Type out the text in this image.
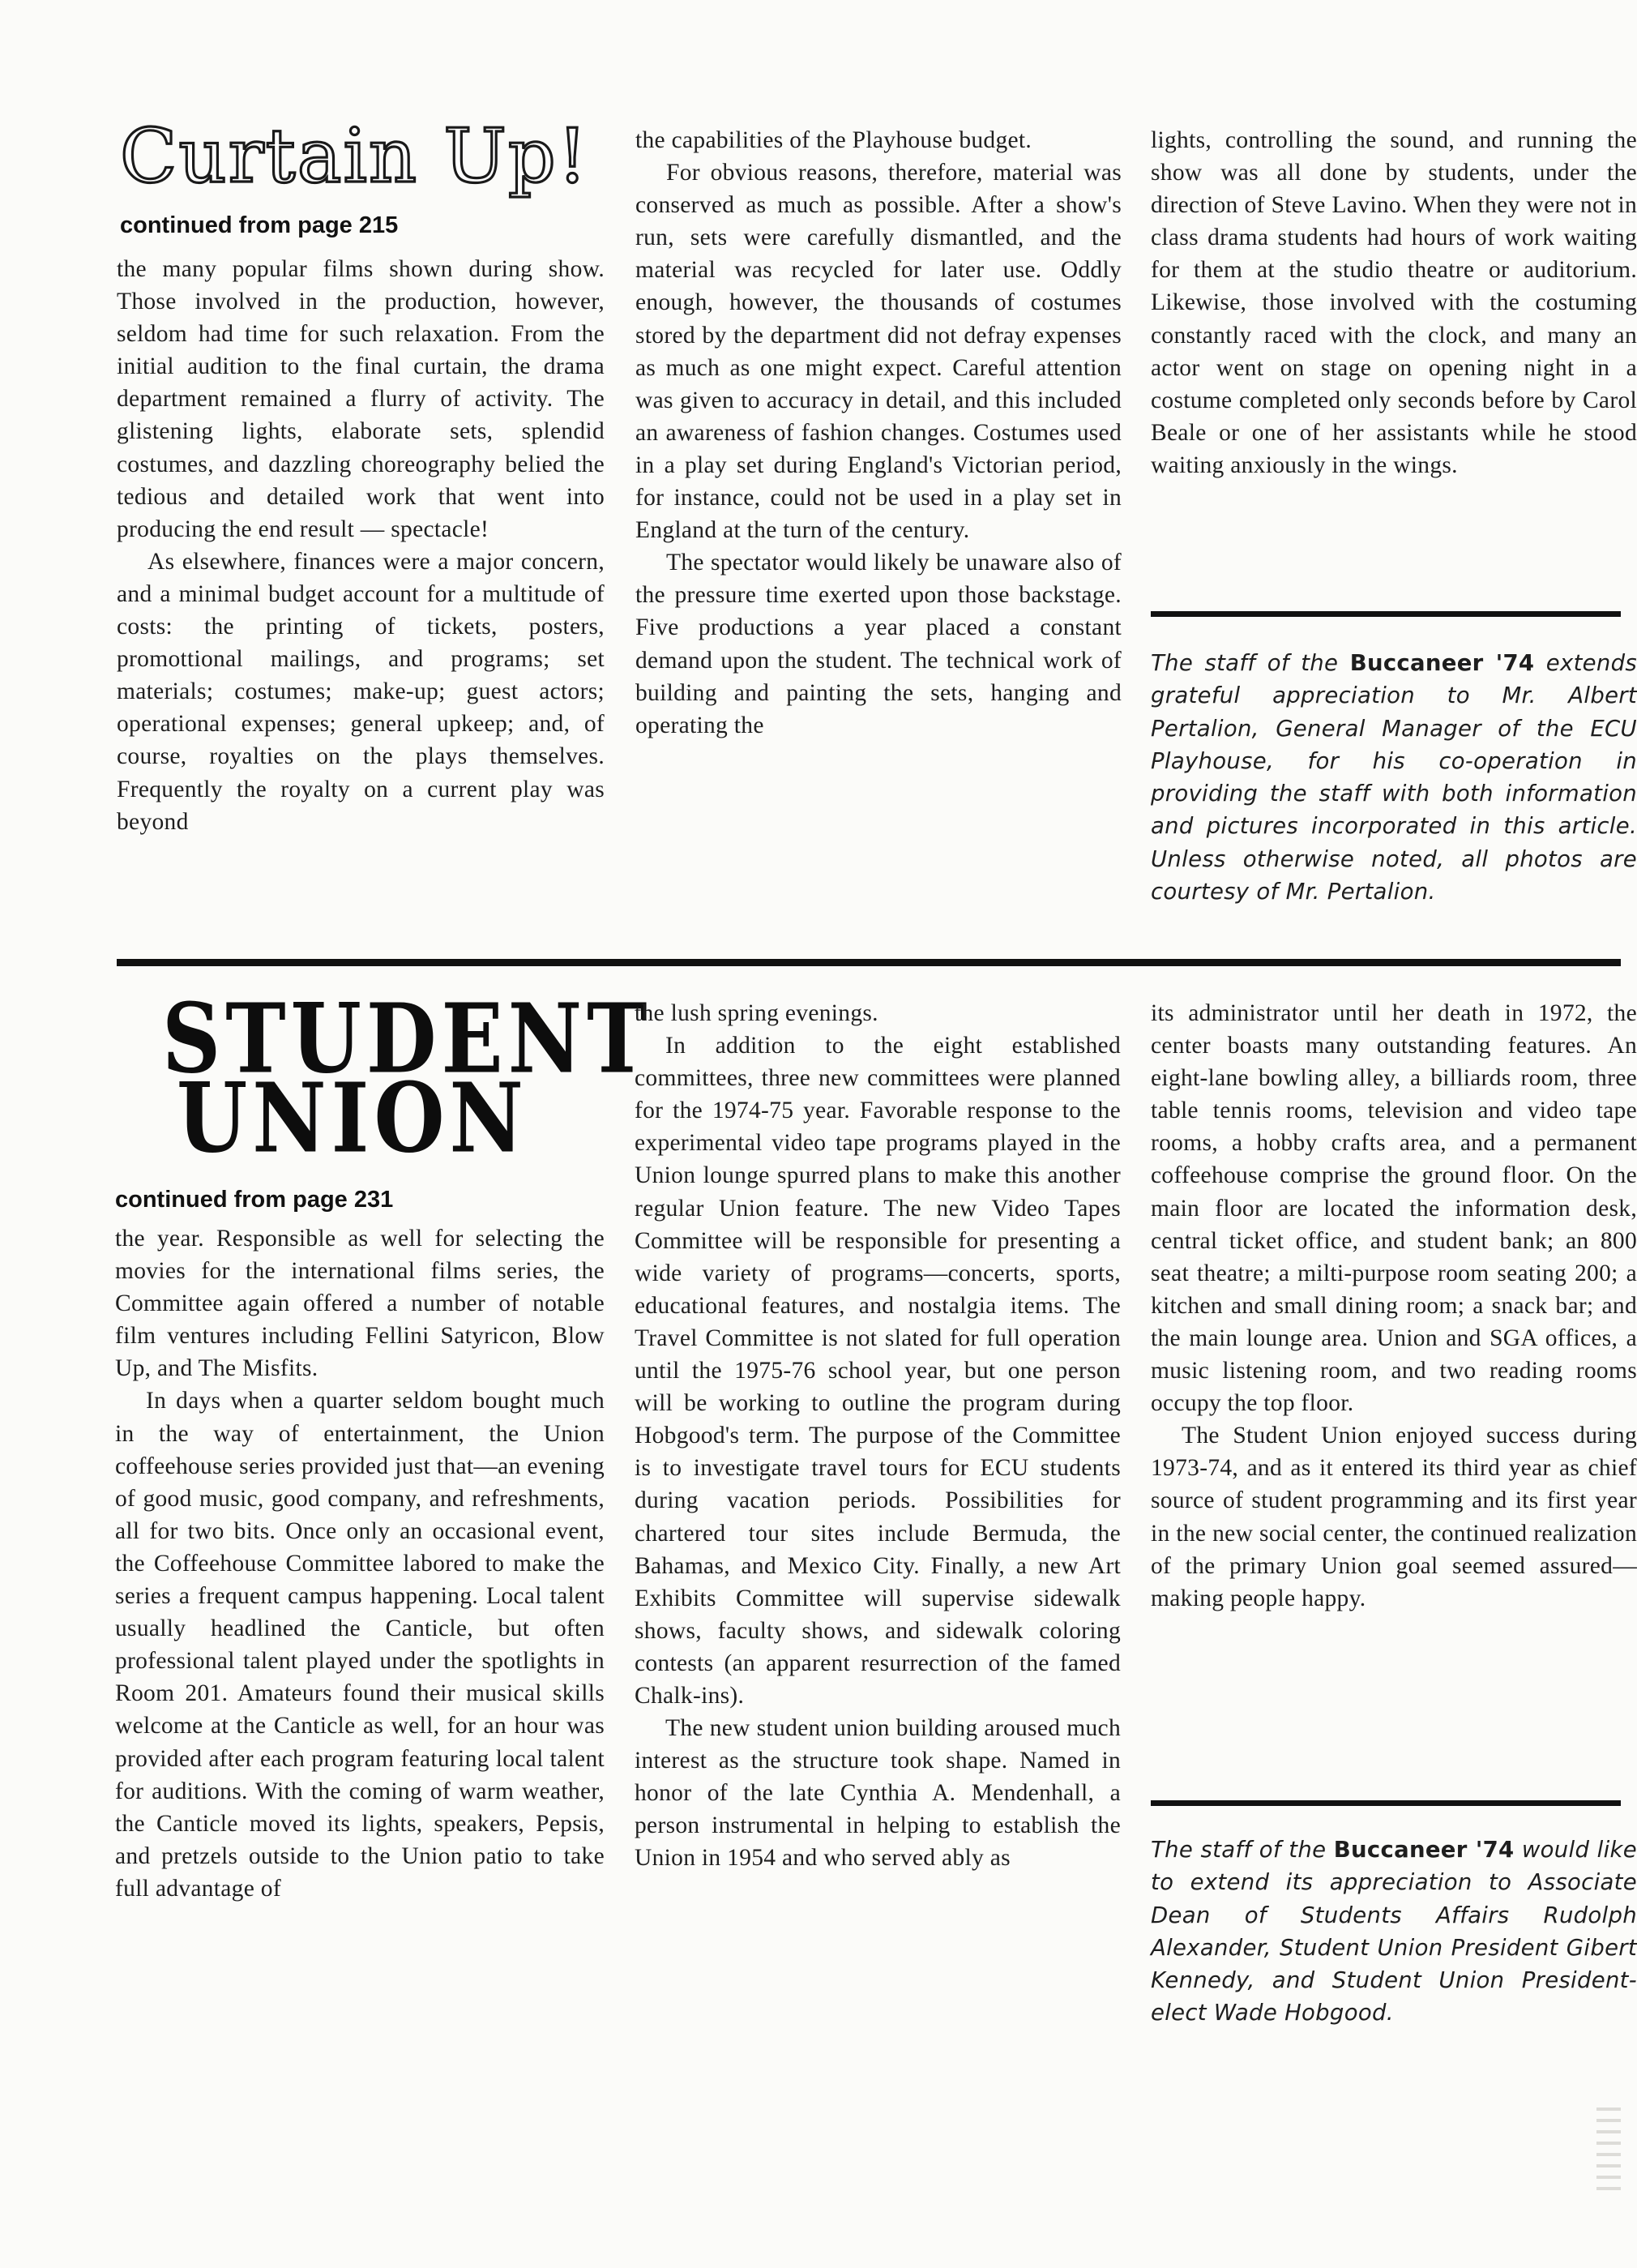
Curtain Up!
continued from page 215

the many popular films shown during show. Those involved in the production, however, seldom had time for such relaxation. From the initial audition to the final curtain, the drama department remained a flurry of activity. The glistening lights, elaborate sets, splendid costumes, and dazzling choreography belied the tedious and detailed work that went into producing the end result — spectacle!

As elsewhere, finances were a major concern, and a minimal budget account for a multitude of costs: the printing of tickets, posters, promottional mailings, and programs; set materials; costumes; make-up; guest actors; operational expenses; general upkeep; and, of course, royalties on the plays themselves. Frequently the royalty on a current play was beyond

the capabilities of the Playhouse budget.

For obvious reasons, therefore, material was conserved as much as possible. After a show's run, sets were carefully dismantled, and the material was recycled for later use. Oddly enough, however, the thousands of costumes stored by the department did not defray expenses as much as one might expect. Careful attention was given to accuracy in detail, and this included an awareness of fashion changes. Costumes used in a play set during England's Victorian period, for instance, could not be used in a play set in England at the turn of the century.

The spectator would likely be unaware also of the pressure time exerted upon those backstage. Five productions a year placed a constant demand upon the student. The technical work of building and painting the sets, hanging and operating the

lights, controlling the sound, and running the show was all done by students, under the direction of Steve Lavino. When they were not in class drama students had hours of work waiting for them at the studio theatre or auditorium. Likewise, those involved with the costuming constantly raced with the clock, and many an actor went on stage on opening night in a costume completed only seconds before by Carol Beale or one of her assistants while he stood waiting anxiously in the wings.

The staff of the Buccaneer '74 extends grateful appreciation to Mr. Albert Pertalion, General Manager of the ECU Playhouse, for his co-operation in providing the staff with both information and pictures incorporated in this article. Unless otherwise noted, all photos are courtesy of Mr. Pertalion.

STUDENT
UNION
continued from page 231

the year. Responsible as well for selecting the movies for the international films series, the Committee again offered a number of notable film ventures including Fellini Satyricon, Blow Up, and The Misfits.

In days when a quarter seldom bought much in the way of entertainment, the Union coffeehouse series provided just that—an evening of good music, good company, and refreshments, all for two bits. Once only an occasional event, the Coffeehouse Committee labored to make the series a frequent campus happening. Local talent usually headlined the Canticle, but often professional talent played under the spotlights in Room 201. Amateurs found their musical skills welcome at the Canticle as well, for an hour was provided after each program featuring local talent for auditions. With the coming of warm weather, the Canticle moved its lights, speakers, Pepsis, and pretzels outside to the Union patio to take full advantage of

the lush spring evenings.

In addition to the eight established committees, three new committees were planned for the 1974-75 year. Favorable response to the experimental video tape programs played in the Union lounge spurred plans to make this another regular Union feature. The new Video Tapes Committee will be responsible for presenting a wide variety of programs—concerts, sports, educational features, and nostalgia items. The Travel Committee is not slated for full operation until the 1975-76 school year, but one person will be working to outline the program during Hobgood's term. The purpose of the Committee is to investigate travel tours for ECU students during vacation periods. Possibilities for chartered tour sites include Bermuda, the Bahamas, and Mexico City. Finally, a new Art Exhibits Committee will supervise sidewalk shows, faculty shows, and sidewalk coloring contests (an apparent resurrection of the famed Chalk-ins).

The new student union building aroused much interest as the structure took shape. Named in honor of the late Cynthia A. Mendenhall, a person instrumental in helping to establish the Union in 1954 and who served ably as

its administrator until her death in 1972, the center boasts many outstanding features. An eight-lane bowling alley, a billiards room, three table tennis rooms, television and video tape rooms, a hobby crafts area, and a permanent coffeehouse comprise the ground floor. On the main floor are located the information desk, central ticket office, and student bank; an 800 seat theatre; a milti-purpose room seating 200; a kitchen and small dining room; a snack bar; and the main lounge area. Union and SGA offices, a music listening room, and two reading rooms occupy the top floor.

The Student Union enjoyed success during 1973-74, and as it entered its third year as chief source of student programming and its first year in the new social center, the continued realization of the primary Union goal seemed assured—making people happy.

The staff of the Buccaneer '74 would like to extend its appreciation to Associate Dean of Students Affairs Rudolph Alexander, Student Union President Gibert Kennedy, and Student Union President-elect Wade Hobgood.
